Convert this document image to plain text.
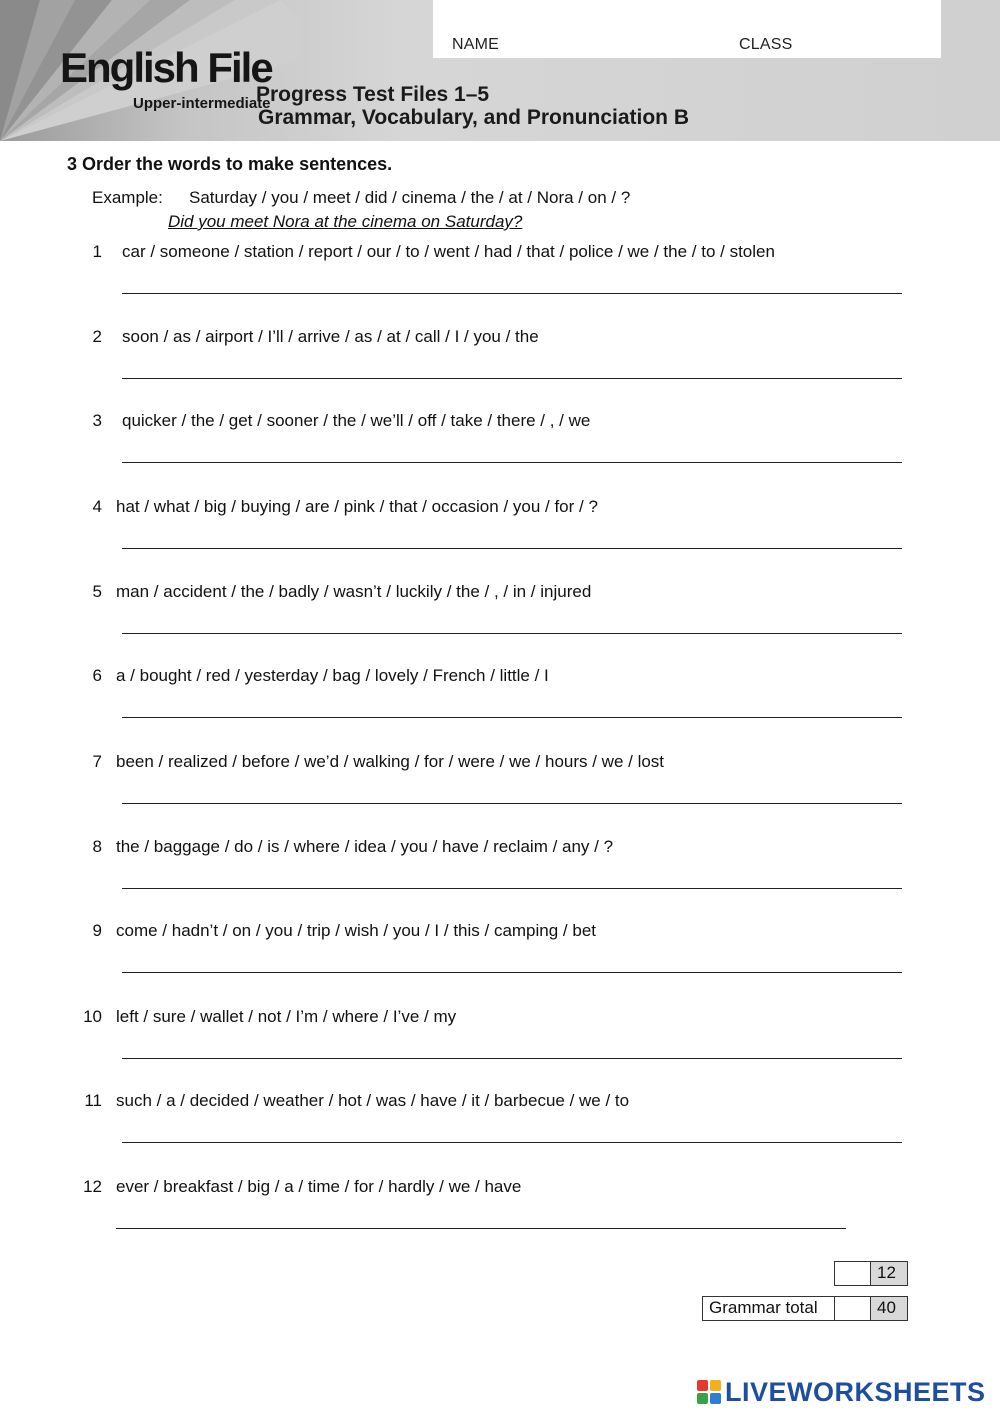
NAME	CLASS
English File
Upper-intermediate
Progress Test Files 1–5
Grammar, Vocabulary, and Pronunciation B
3 Order the words to make sentences.
Example: Saturday / you / meet / did / cinema / the / at / Nora / on / ?
Did you meet Nora at the cinema on Saturday?
1 car / someone / station / report / our / to / went / had / that / police / we / the / to / stolen
2 soon / as / airport / I’ll / arrive / as / at / call / I / you / the
3 quicker / the / get / sooner / the / we’ll / off / take / there / , / we
4 hat / what / big / buying / are / pink / that / occasion / you / for / ?
5 man / accident / the / badly / wasn’t / luckily / the / , / in / injured
6 a / bought / red / yesterday / bag / lovely / French / little / I
7 been / realized / before / we’d / walking / for / were / we / hours / we / lost
8 the / baggage / do / is / where / idea / you / have / reclaim / any / ?
9 come / hadn’t / on / you / trip / wish / you / I / this / camping / bet
10 left / sure / wallet / not / I’m / where / I’ve / my
11 such / a / decided / weather / hot / was / have / it / barbecue / we / to
12 ever / breakfast / big / a / time / for / hardly / we / have
12
Grammar total	40
LIVEWORKSHEETS
